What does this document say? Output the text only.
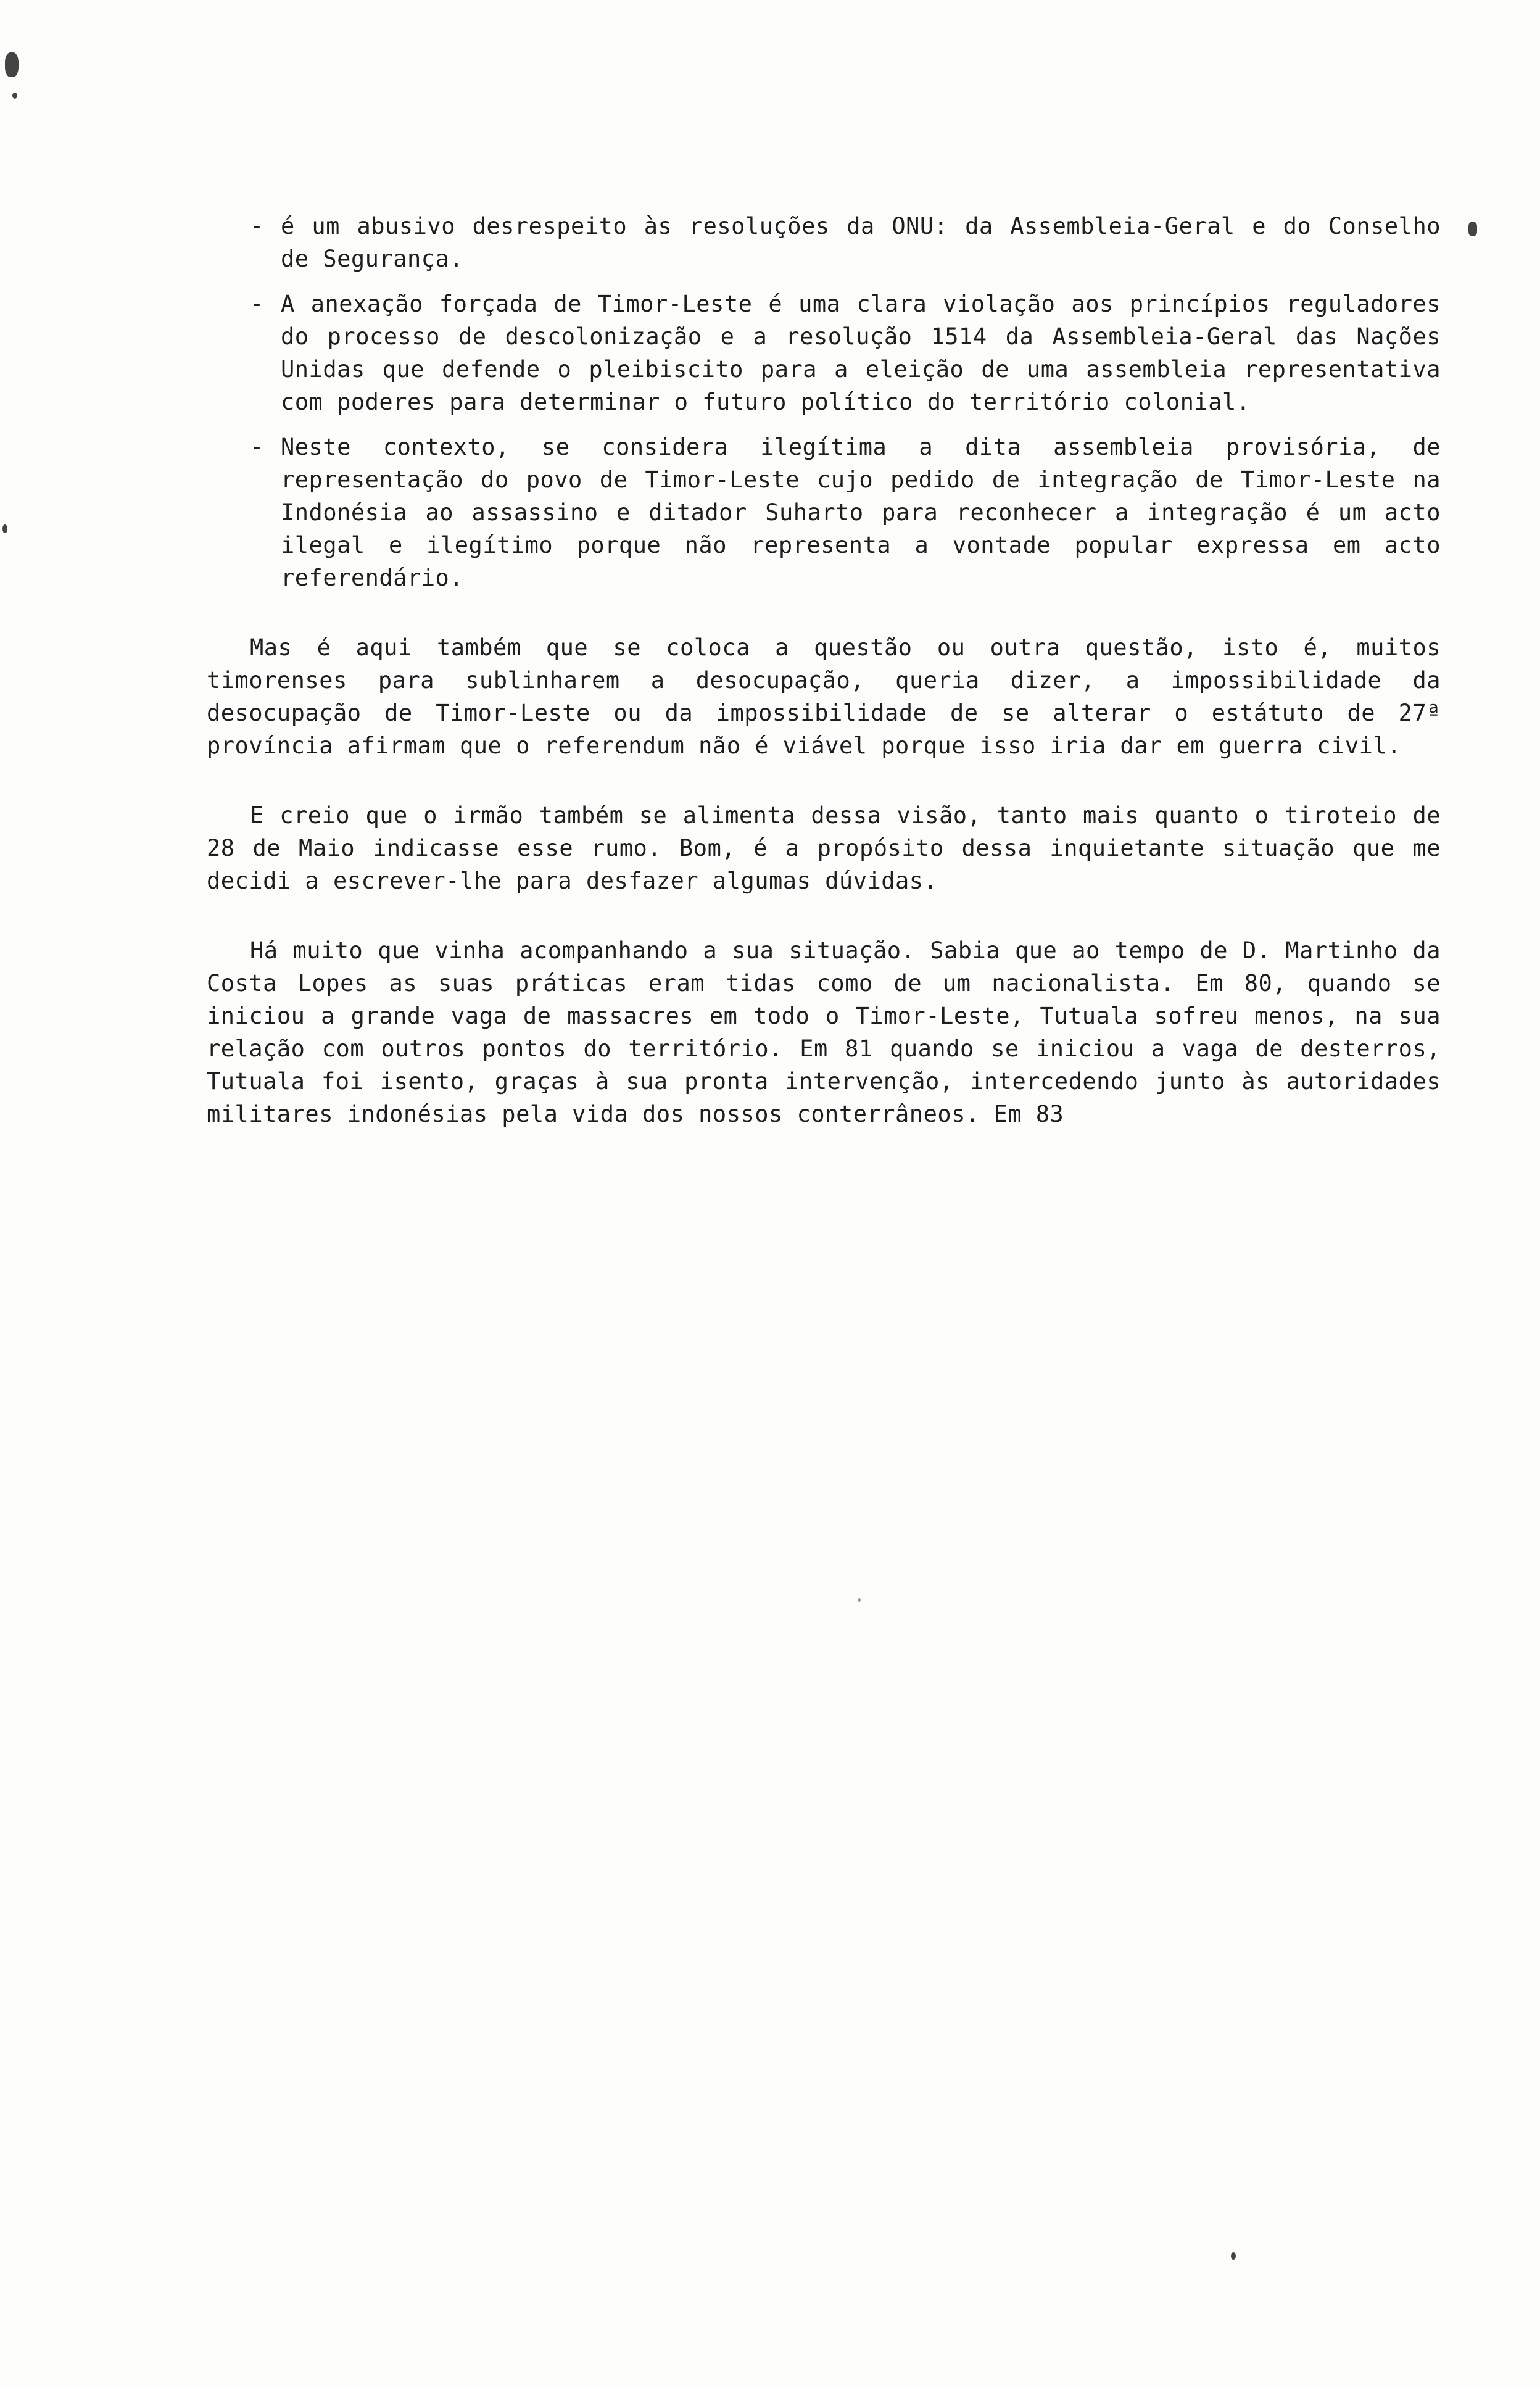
- é um abusivo desrespeito às resoluções da ONU: da Assembleia-Geral e do Conselho de Segurança.
- A anexação forçada de Timor-Leste é uma clara violação aos princípios reguladores do processo de descolonização e a resolução 1514 da Assembleia-Geral das Nações Unidas que defende o pleibiscito para a eleição de uma assembleia representativa com poderes para determinar o futuro político do território colonial.
- Neste contexto, se considera ilegítima a dita assembleia provisória, de representação do povo de Timor-Leste cujo pedido de integração de Timor-Leste na Indonésia ao assassino e ditador Suharto para reconhecer a integração é um acto ilegal e ilegítimo porque não representa a vontade popular expressa em acto referendário.

Mas é aqui também que se coloca a questão ou outra questão, isto é, muitos timorenses para sublinharem a desocupação, queria dizer, a impossibilidade da desocupação de Timor-Leste ou da impossibilidade de se alterar o estátuto de 27ª província afirmam que o referendum não é viável porque isso iria dar em guerra civil.

E creio que o irmão também se alimenta dessa visão, tanto mais quanto o tiroteio de 28 de Maio indicasse esse rumo. Bom, é a propósito dessa inquietante situação que me decidi a escrever-lhe para desfazer algumas dúvidas.

Há muito que vinha acompanhando a sua situação. Sabia que ao tempo de D. Martinho da Costa Lopes as suas práticas eram tidas como de um nacionalista. Em 80, quando se iniciou a grande vaga de massacres em todo o Timor-Leste, Tutuala sofreu menos, na sua relação com outros pontos do território. Em 81 quando se iniciou a vaga de desterros, Tutuala foi isento, graças à sua pronta intervenção, intercedendo junto às autoridades militares indonésias pela vida dos nossos conterrâneos. Em 83
